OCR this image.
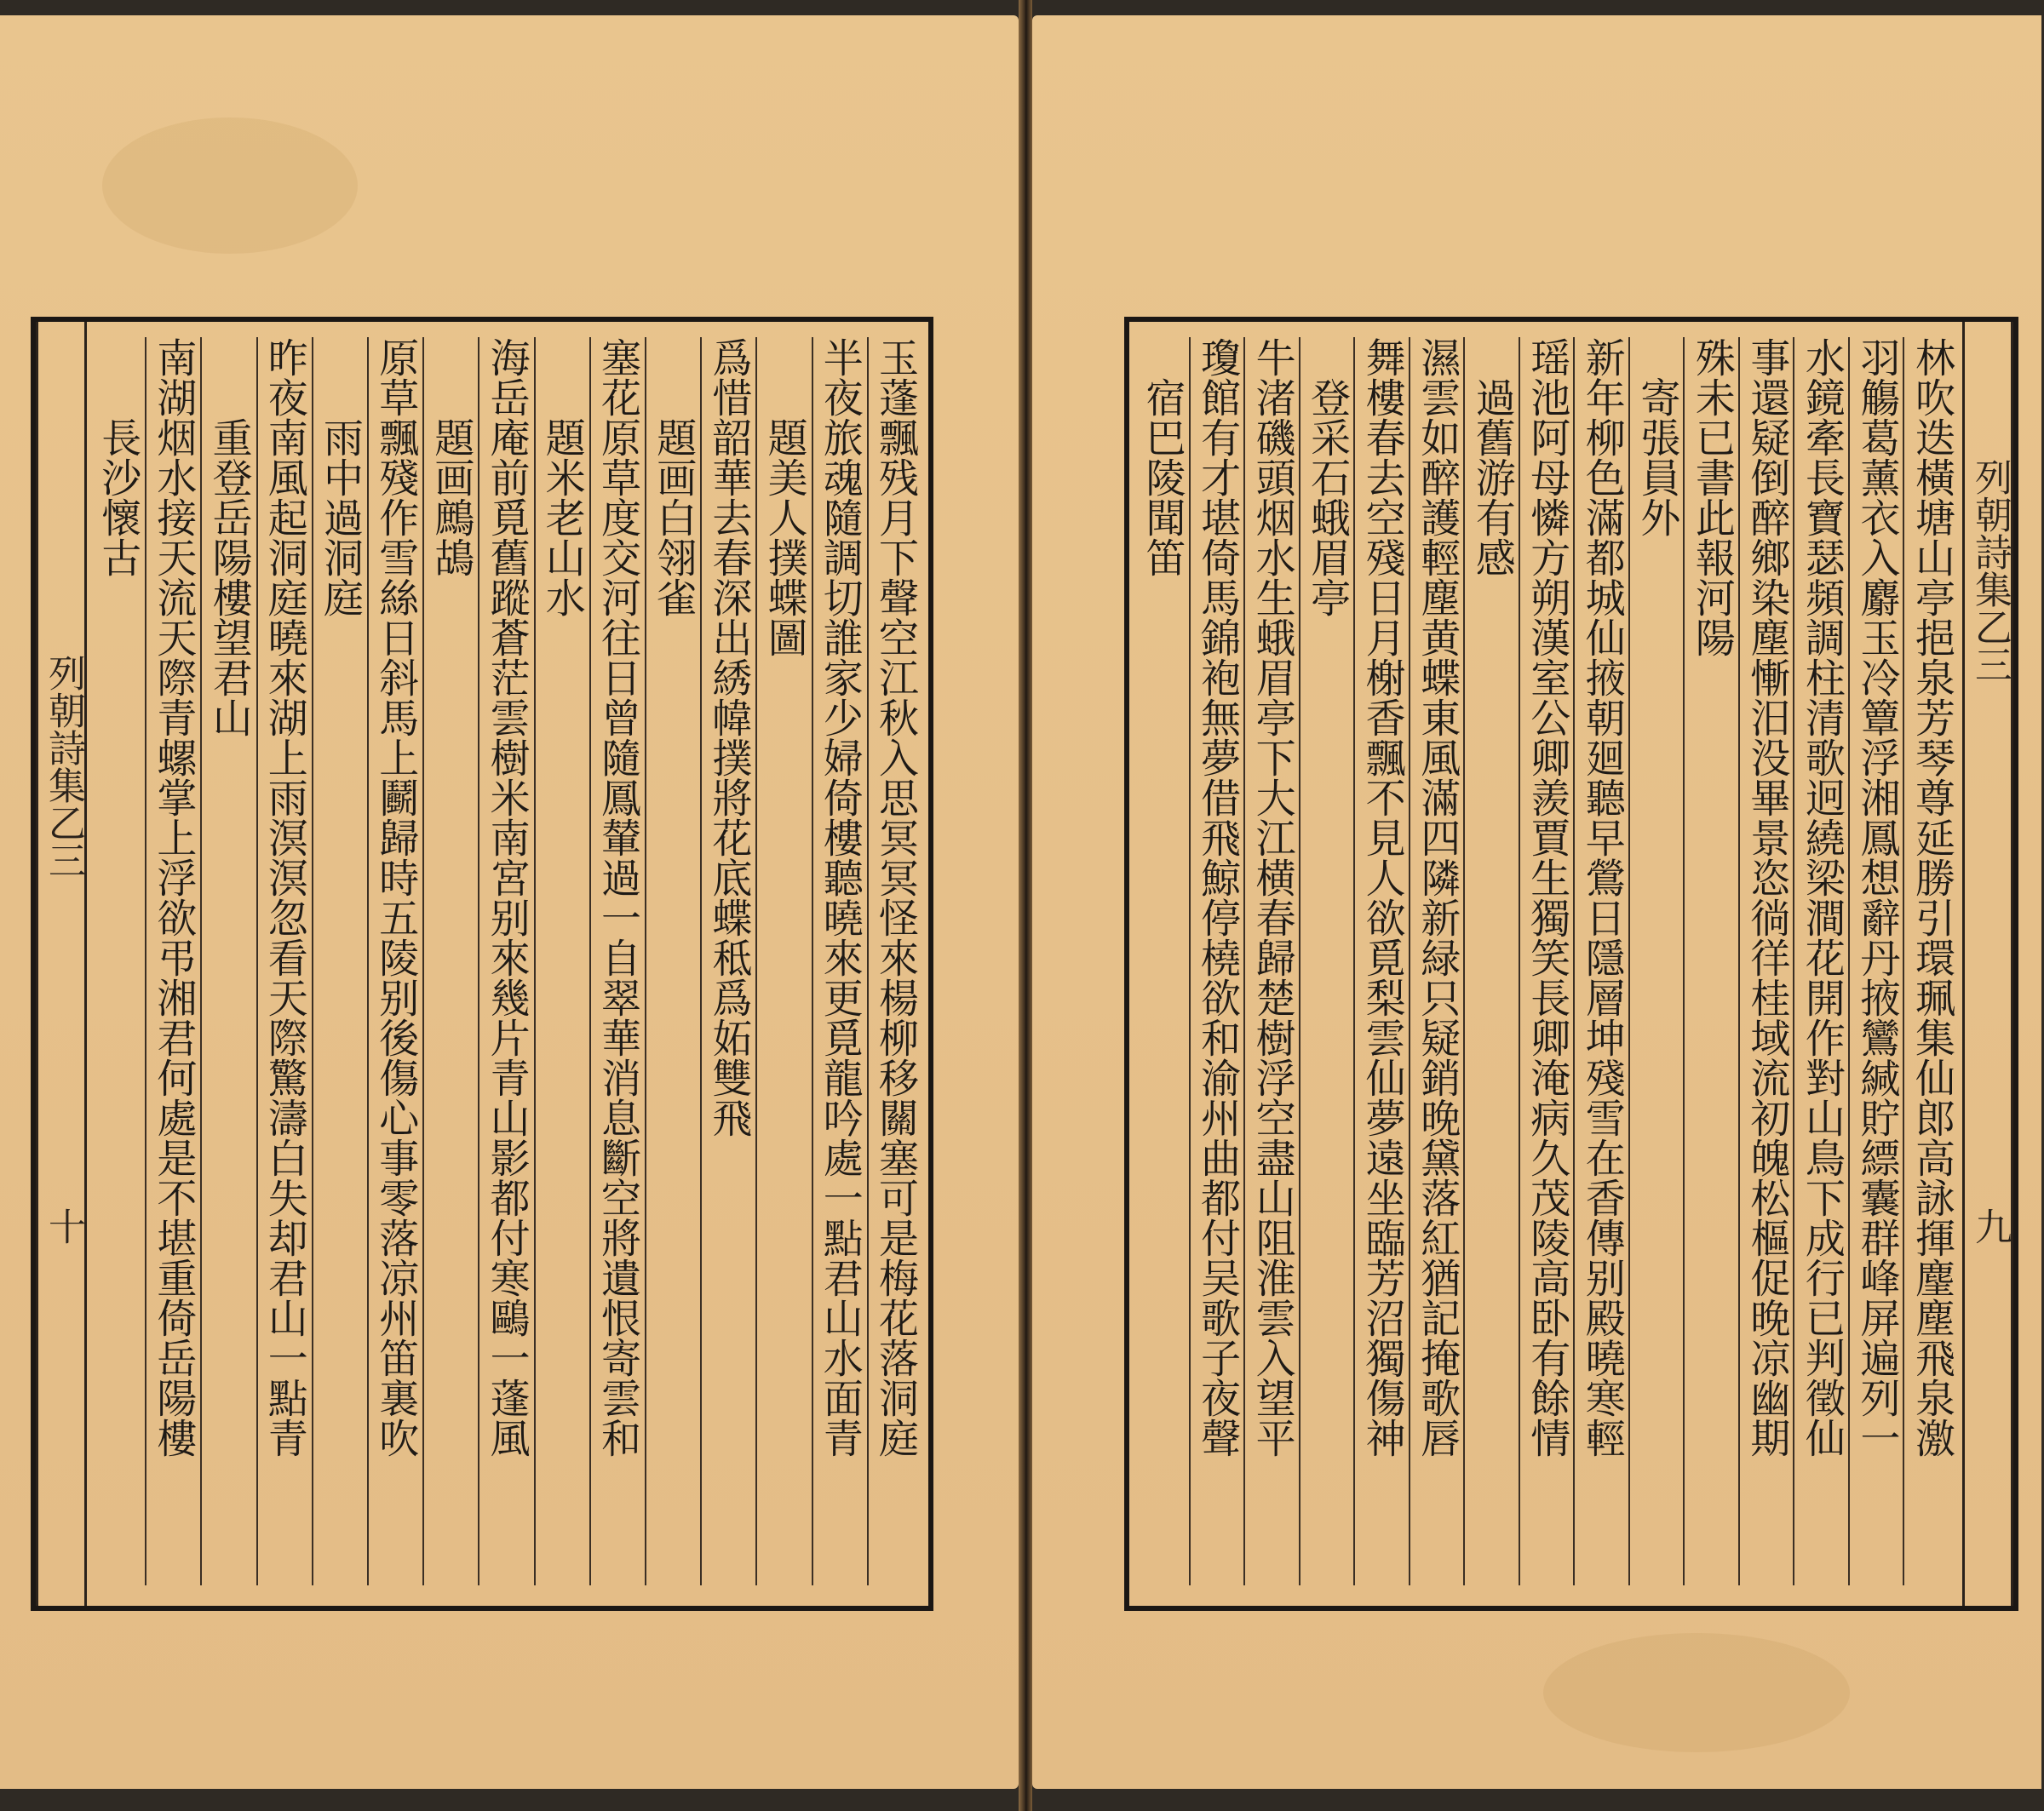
列朝詩集乙三
十	玉蓬飄残月下聲空江秋入思冥冥怪來楊柳移關塞可是梅花落洞庭
半夜旅魂隨調切誰家少婦倚樓聽曉來更覓龍吟處一點君山水面青
題美人撲蝶圖
爲惜韶華去春深出綉幃撲將花底蝶秪爲妬雙飛
題画白翎雀
塞花原草度交河往日曾隨鳳輦過一自翠華消息斷空將遺恨寄雲和
題米老山水
海岳庵前覓舊蹤蒼茫雲樹米南宮别來幾片青山影都付寒鷗一蓬風
題画鷓鴣
原草飄殘作雪絲日斜馬上鬬歸時五陵别後傷心事零落凉州笛裏吹
雨中過洞庭
昨夜南風起洞庭曉來湖上雨溟溟忽看天際驚濤白失却君山一點青
重登岳陽樓望君山
南湖烟水接天流天際青螺掌上浮欲弔湘君何處是不堪重倚岳陽樓
長沙懷古	列朝詩集乙三
九
林吹迭橫塘山亭挹泉芳琴尊延勝引環珮集仙郎高詠揮麈塵飛泉激
羽觴葛薰衣入麝玉冷簟浮湘鳳想辭丹掖鸞緘貯縹囊群峰屏遍列一
水鏡牽長寶瑟頻調柱清歌迥繞梁澗花開作對山鳥下成行已判徵仙
事還疑倒醉鄉染塵慚汨没畢景恣徜徉桂域流初魄松樞促晚凉幽期
殊未已書此報河陽
寄張員外
新年柳色滿都城仙掖朝廻聽早鶯日隱層坤殘雪在香傳别殿曉寒輕
瑶池阿母憐方朔漢室公卿羨賈生獨笑長卿淹病久茂陵高卧有餘情
過舊游有感
濕雲如醉護輕塵黄蝶東風滿四隣新緑只疑銷晚黛落紅猶記掩歌唇
舞樓春去空殘日月榭香飄不見人欲覓梨雲仙夢遠坐臨芳沼獨傷神
登采石蛾眉亭
牛渚磯頭烟水生蛾眉亭下大江横春歸楚樹浮空盡山阻淮雲入望平
瓊館有才堪倚馬錦袍無夢借飛鯨停橈欲和渝州曲都付吴歌子夜聲
宿巴陵聞笛
